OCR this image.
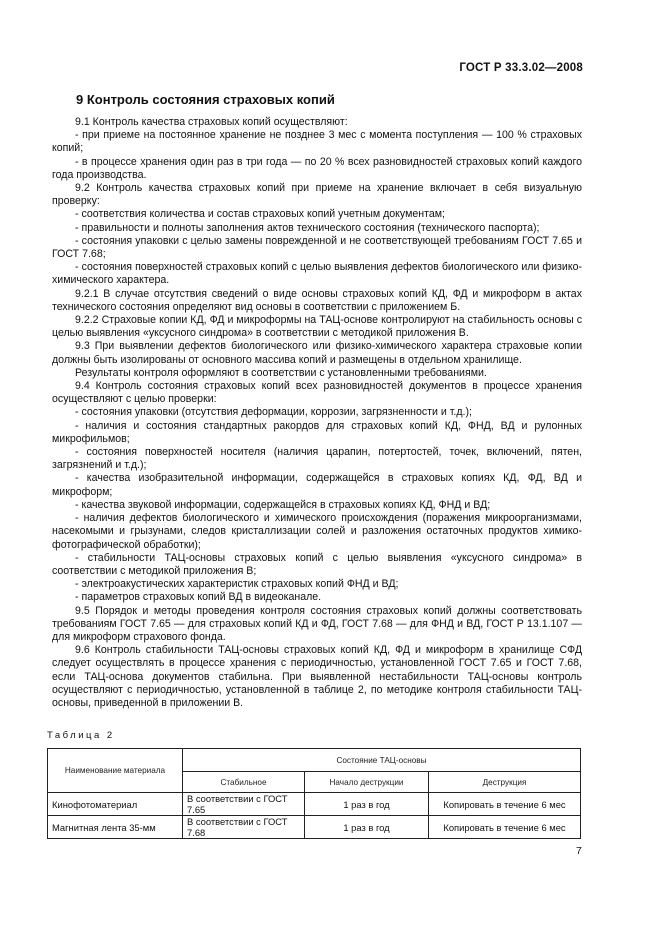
ГОСТ Р 33.3.02—2008
9 Контроль состояния страховых копий

9.1 Контроль качества страховых копий осуществляют:

- при приеме на постоянное хранение не позднее 3 мес с момента поступления — 100 % страховых копий;

- в процессе хранения один раз в три года — по 20 % всех разновидностей страховых копий каждого года производства.

9.2 Контроль качества страховых копий при приеме на хранение включает в себя визуальную проверку:

- соответствия количества и состав страховых копий учетным документам;

- правильности и полноты заполнения актов технического состояния (технического паспорта);

- состояния упаковки с целью замены поврежденной и не соответствующей требованиям ГОСТ 7.65 и ГОСТ 7.68;

- состояния поверхностей страховых копий с целью выявления дефектов биологического или физико-химического характера.

9.2.1 В случае отсутствия сведений о виде основы страховых копий КД, ФД и микроформ в актах технического состояния определяют вид основы в соответствии с приложением Б.

9.2.2 Страховые копии КД, ФД и микроформы на ТАЦ-основе контролируют на стабильность основы с целью выявления «уксусного синдрома» в соответствии с методикой приложения В.

9.3 При выявлении дефектов биологического или физико-химического характера страховые копии должны быть изолированы от основного массива копий и размещены в отдельном хранилище.

Результаты контроля оформляют в соответствии с установленными требованиями.

9.4 Контроль состояния страховых копий всех разновидностей документов в процессе хранения осуществляют с целью проверки:

- состояния упаковки (отсутствия деформации, коррозии, загрязненности и т.д.);

- наличия и состояния стандартных ракордов для страховых копий КД, ФНД, ВД и рулонных микрофильмов;

- состояния поверхностей носителя (наличия царапин, потертостей, точек, включений, пятен, загрязнений и т.д.);

- качества изобразительной информации, содержащейся в страховых копиях КД, ФД, ВД и микроформ;

- качества звуковой информации, содержащейся в страховых копиях КД, ФНД и ВД;

- наличия дефектов биологического и химического происхождения (поражения микроорганизмами, насекомыми и грызунами, следов кристаллизации солей и разложения остаточных продуктов химико-фотографической обработки);

- стабильности ТАЦ-основы страховых копий с целью выявления «уксусного синдрома» в соответствии с методикой приложения В;

- электроакустических характеристик страховых копий ФНД и ВД;

- параметров страховых копий ВД в видеоканале.

9.5 Порядок и методы проведения контроля состояния страховых копий должны соответствовать требованиям ГОСТ 7.65 — для страховых копий КД и ФД, ГОСТ 7.68 — для ФНД и ВД, ГОСТ Р 13.1.107 — для микроформ страхового фонда.

9.6 Контроль стабильности ТАЦ-основы страховых копий КД, ФД и микроформ в хранилище СФД следует осуществлять в процессе хранения с периодичностью, установленной ГОСТ 7.65 и ГОСТ 7.68, если ТАЦ-основа документов стабильна. При выявленной нестабильности ТАЦ-основы контроль осуществляют с периодичностью, установленной в таблице 2, по методике контроля стабильности ТАЦ-основы, приведенной в приложении В.

Таблица 2
Наименование материала	Состояние ТАЦ-основы		
	Стабильное	Начало деструкции	Деструкция
Кинофотоматериал	В соответствии с ГОСТ 7.65	1 раз в год	Копировать в течение 6 мес
Магнитная лента 35-мм	В соответствии с ГОСТ 7.68	1 раз в год	Копировать в течение 6 мес
7
